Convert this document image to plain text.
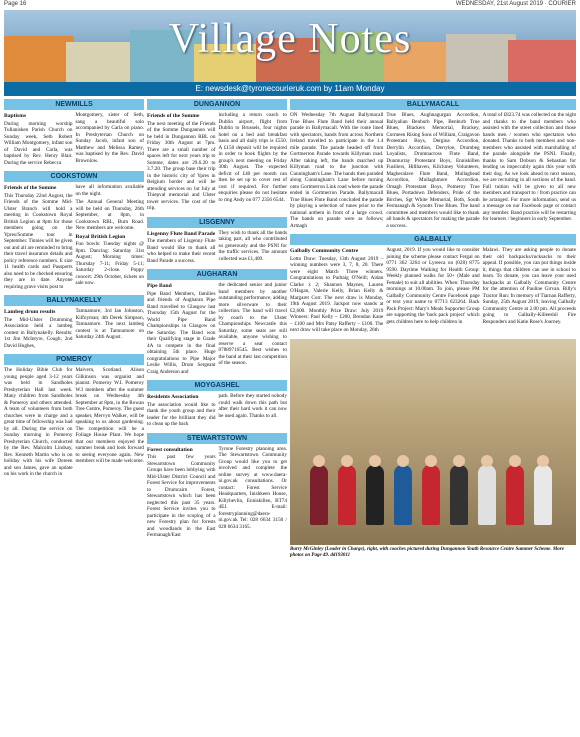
Page 16	WEDNESDAY, 21st August 2019 · COURIER
Village Notes
E: newsdesk@tyronecourieruk.com by 11am Monday
NEWMILLS
Baptisms

During morning worship Tullanisken Parish Church on Sunday week, Seth Robert William Montgomery, infant son of David and Carla, was baptised by Rev. Henry Blair. During the service Rebecca

Montgomery, sister of Seth, sang a beautiful solo accompanied by Carla on piano. In Presbyterian Church on Sunday Jacob, infant son of Matthew and Melissa Ramey, was baptised by the Rev. David Brownlow.

COOKSTOWN
Friends of the Somme

This Thursday 22nd August, the Friends of the Somme Mid-Ulster Branch will hold a meeting in Cookstown Royal British Legion at 8pm for those members going on the Ypres/Somme tour in September. Tinnies will be given out and all are reminded to bring their travel insurance details and policy reference numbers. E size 11 health cards and Passports also need to be checked ensuring they are in date. Anyone requiring grave visits post to

have all information available on the night.

The Annual General Meeting will be held on Thursday, 26th September, at 8pm, in Cookstown RBL, Burn Road. New members are welcome.

Royal British Legion

Fun bowls: Tuesday nights @ 8pm. Dancing: Saturday 31st August; Morning times: Thursday 7-11; Friday 5-11; Saturday 2-close. Poppy concert: 29th October, tickets on sale now.

BALLYNAKELLY
Lambeg drum results

The Mid-Ulster Drumming Association held a lambeg contest in Ballynakelly. Results: 1st Jim McIntyre, Cough; 2nd David Hughes,

Tamnamore; 3rd Ian Johnston, Kilfoyman; 4th Derek Simpson, Tamnamore. The next lambeg contest is at Tamnamore on Saturday 24th August.

POMEROY

The Holiday Bible Club for young people aged 3-12 years was held in Sandholes Presbyterian Hall last week. Many children from Sandholes & Pomeroy and others attended. A team of volunteers from both churches were in charge and a great time of fellowship was had by all. During the service on Sunday morning in Pomeroy Presbyterian Church, conducted by the Rev. Malcolm Lindsay, Rev. Kenneth Martin who is on holiday with his wife Doreen and son James, gave an update on his work in the church in

Malvern, Scotland. Alison Gilkinson was organist and pianist. Pomeroy W.I. Pomeroy W.I members after the summer break on Wednesday 4th September at 8pm, in the Rowan Tree Centre, Pomeroy. The guest speaker, Mervyn Walker, will be speaking to us about gardening. The competition will be a Foliage House Plant. We hope that our members enjoyed the summer break and look forward to seeing everyone again. New members will be made welcome.

DUNGANNON
Friends of the Somme

The next meeting of the Friends of the Somme Dungannon will be held in Dungannon RBL on Friday 30th August at 7pm. There are a small number of spaces left for next years trip to Somme, dates are 29.6.20 to 3.7.20. The group base their trip in the historic city of Ypres in Belgium border and will be attending services on 1st July at Thiepval memorial and Ulster tower services. The cost of the trip,

including a return coach to Dublin airport, flight from Dublin to Brussels, four nights hotel on a bed and breakfast basis and all daily trips is £550. A £150 deposit will be required in order to book flights by the group's next meeting on Friday 30th August. The expected deficit of £40 per month can then be set up to cover rest of cost if required. For further enquiries please do not hesitate to ring Andy on 077 2356 6544.

LISGENNY
Lisgenny Flute Band Parade

The members of Lisgenny Flute Band would like to thank all who helped to make their recent Band Parade a success.

They wish to thank all the bands taking part, all who contributed so generously and the PSNI for the traffic services. The amount collected was £1,409.

AUGHARAN
Pipe Band

Pipe Band Members, families and friends of Augharan Pipe Band travelled to Glasgow last Thursday 15th August for the World Pipe Band Championships in Glasgow on the Saturday. The Band won their Qualifying stage in Grade 4A to compete in the final obtaining 5th place. Huge congratulations to Pipe Major Leslie Willis, Drum Sergeant Craig Anderson and

the dedicated senior and junior band members by another outstanding performance, adding more silverware to their collection. The band will travel by coach to the Ulster Championships Newcastle this Saturday, some seats are still available, anyone wishing to reserve a seat contact 07889716545. Best wishes to the band at their last competition of the season.

MOYGASHEL
Residents Association

The association would like to thank the youth group and their leader for the brilliant they did to clean up the back

path. Before they started nobody could walk down this path but after their hard work it can now be used again. Thanks to all.

STEWARTSTOWN
Forest consultation

This past few years Stewartstown Community Groups have been lobbying with Mid-Ulster District Council and Forest Service for improvements to Drumcairn Forest, Stewartstown which has been neglected this past 35 years. Forest Service invites you to participate in the scoping of a new Forestry plan for forests and woodlands in the East Fermanagh/East

Tyrone Forestry planning area. The Stewartstown Community Group would like you to get involved and complete the online survey at www.daera-ni.gov.uk consultations. Or contact: Forest Service Headquarters, Inishkeen House, Killyhevlin, Enniskillen, BT74 4EJ. E-mail: forestryplanning@daera-ni.gov.uk Tel: 028 6634 3150 / 028 6634 3165.

BALLYMACALL

ON Wednesday 7th August Ballymacall True Blues Flute Band held their annual parade in Ballymacall. With the route lined with spectators, bands from across Northern Ireland travelled to participate in the 1.4 mile parade. The parade headed off from Gortmerron Parade towards Killyman road. After taking left, the bands marched up Killyman road to the junction with Cunningham's Lane. The bands then paraded along Cunningham's Lane before turning onto Gortmerron Link road where the parade ended in Gortmerron Parade. Ballymacall True Blues Flute Band concluded the parade by playing a selection of tunes prior to the national anthem in front of a large crowd. The bands on parade were as follows; Armagh

True Blues, Aughnagurgan Accordion, Ballyalian Benburb Pipe, Benburb True Blues, Blackers Memorial, Brackey, Cormeen Rising Sons of William, Craigavon Protestant Boys, Dergina Accordion, Derrylin Accordion, Derryloe, Drumbeg Loyalists, Drumnacross Flute Band, Dunmurray Protestant Boys, Enniskillen Fusiliers, Hillhaven, Kilcluney Volunteers, Magheralave Flute Band, Mullaghead Accordion, Mullaghmore Accordion, Omagh Protestant Boys, Pomeroy True Blues, Portadown Defenders, Pride of the Birches, Sgt White Memorial, Both, South Fermanagh & Synotts True Blues. The band committee and members would like to thank all bands & spectators for making the parade a success.

A total of £823.74 was collected on the night and thanks to the band members who assisted with the street collection and those bands men / women who spectators who donated. Thanks to both members and non-members who assisted with marshalling of the parade alongside the PSNI. Finally, thanks to Sam Dobson & Sebastian for lending us impeccably again this year with their dog. As we look ahead to next season, we are recruiting in all sections of the band. Full tuition will be given to all new members and transport to / from practice can be arranged. For more information, send us a message on our Facebook page or contact any member. Band practice will be restarting for learners / beginners in early September.

GALBALLY
Galbally Community Centre

Lotto Draw: Tuesday, 13th August 2019 – winning numbers were 3, 7, 8, 20. There were eight Match Three winners. Congratulations to Padraig O'Neill; Aidan Clarke x 2; Shannon Maynes, Lauren O'Hagan, Valerie Kelly, Brian Kelly & Margaret Corr. The next draw is Monday, 19th August 2019. Jackpot now stands at £2,600. Monthly Prize Draw: July 2019 Winners: Paul Kelly – £200, Brendan Kane – £100 and Mrs Patsy Rafferty – £100. The next draw will take place on Monday, 26th

August, 2019. If you would like to consider joining the scheme please contact Fergal on 0771 362 3264 or Lyreeca on (028) 8775 9590. Daytime Walking for Health Group: Weekly planned walks for 50+ (Male and Female) to suit all abilities. When: Thursday mornings at 10.00am. To join, please PM Galbally Community Centre Facebook page or text your name to 07713 623264. Back Pack Project: Mary's Meals Supporter Group are supporting the 'back pack project' which gets children here to help children in

Malawi. They are asking people to donate their old backpacks/rucksacks to their appeal. If possible, you can put things inside it, things that children can use in school to learn. To donate, you can leave your used backpacks at Galbally Community Centre for the attention of Pauline Girvan. Billy's Tractor Run: In memory of Tiarnan Rafferty, Sunday, 25th August 2019, leaving Galbally Community Centre at 2.00 pm. All proceeds going to Galbally-Killeeshil Fire Responders and Katie Rose's Journey.

Barry McGinley (Leader in Charge), right, with coaches pictured during Dungannon Youth Resource Centre Summer Scheme. More photos on Page 49. dd193011
